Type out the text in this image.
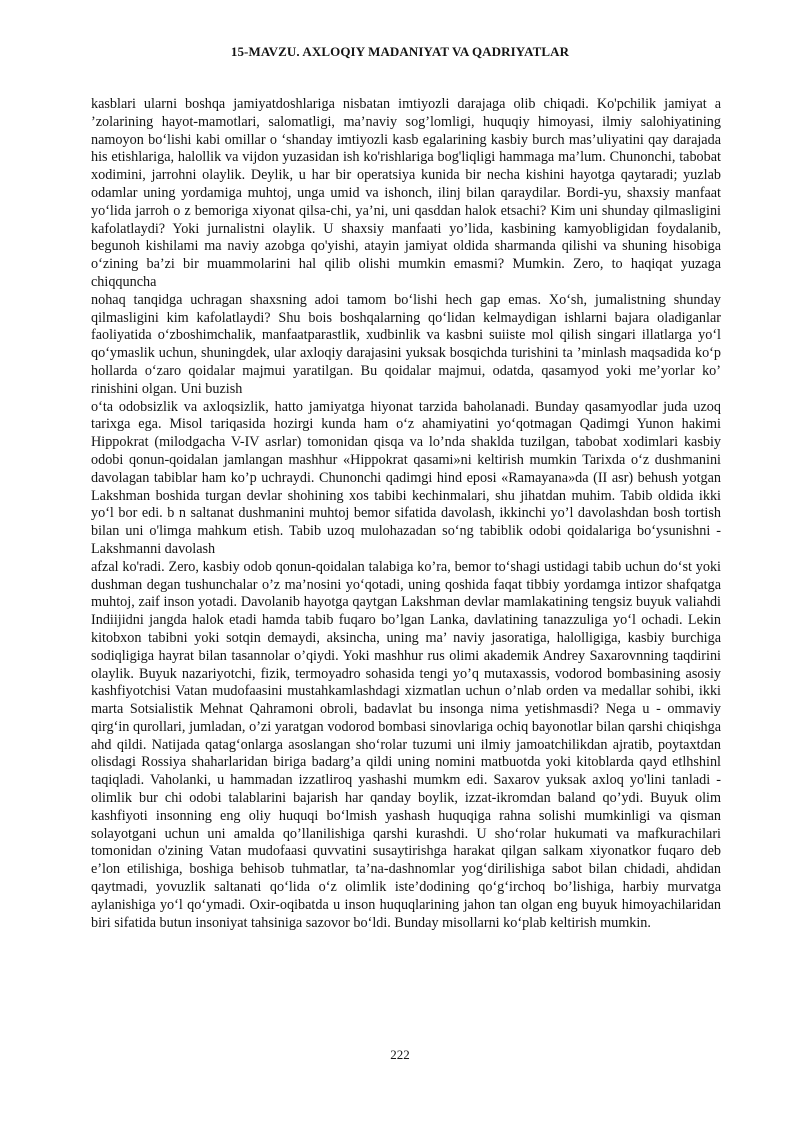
15-MAVZU. AXLOQIY MADANIYAT VA QADRIYATLAR

kasblari ularni boshqa jamiyatdoshlariga nisbatan imtiyozli darajaga olib chiqadi. Ko'pchilik jamiyat a ’zolarining hayot-mamotlari, salomatligi, ma’naviy sog’lomligi, huquqiy himoyasi, ilmiy salohiyatining namoyon bo‘lishi kabi omillar o ‘shanday imtiyozli kasb egalarining kasbiy burch mas’uliyatini qay darajada his etishlariga, halollik va vijdon yuzasidan ish ko'rishlariga bog'liqligi hammaga ma’lum. Chunonchi, tabobat xodimini, jarrohni olaylik. Deylik, u har bir operatsiya kunida bir necha kishini hayotga qaytaradi; yuzlab odamlar uning yordamiga muhtoj, unga umid va ishonch, ilinj bilan qaraydilar. Bordi-yu, shaxsiy manfaat yo‘lida jarroh o z bemoriga xiyonat qilsa-chi, ya’ni, uni qasddan halok etsachi? Kim uni shunday qilmasligini kafolatlaydi? Yoki jurnalistni olaylik. U shaxsiy manfaati yo’lida, kasbining kamyobligidan foydalanib, begunoh kishilami ma naviy azobga qo'yishi, atayin jamiyat oldida sharmanda qilishi va shuning hisobiga o‘zining ba’zi bir muammolarini hal qilib olishi mumkin emasmi? Mumkin. Zero, to haqiqat yuzaga chiqquncha

nohaq tanqidga uchragan shaxsning adoi tamom bo‘lishi hech gap emas. Xo‘sh, jumalistning shunday qilmasligini kim kafolatlaydi? Shu bois boshqalarning qo‘lidan kelmaydigan ishlarni bajara oladiganlar faoliyatida o‘zboshimchalik, manfaatparastlik, xudbinlik va kasbni suiiste mol qilish singari illatlarga yo‘l qo‘ymaslik uchun, shuningdek, ular axloqiy darajasini yuksak bosqichda turishini ta ’minlash maqsadida ko‘p hollarda o‘zaro qoidalar majmui yaratilgan. Bu qoidalar majmui, odatda, qasamyod yoki me’yorlar ko’ rinishini olgan. Uni buzish

o‘ta odobsizlik va axloqsizlik, hatto jamiyatga hiyonat tarzida baholanadi. Bunday qasamyodlar juda uzoq tarixga ega. Misol tariqasida hozirgi kunda ham o‘z ahamiyatini yo‘qotmagan Qadimgi Yunon hakimi Hippokrat (milodgacha V-IV asrlar) tomonidan qisqa va lo’nda shaklda tuzilgan, tabobat xodimlari kasbiy odobi qonun-qoidalan jamlangan mashhur «Hippokrat qasami»ni keltirish mumkin Tarixda o‘z dushmanini davolagan tabiblar ham ko’p uchraydi. Chunonchi qadimgi hind eposi «Ramayana»da (II asr) behush yotgan Lakshman boshida turgan devlar shohining xos tabibi kechinmalari, shu jihatdan muhim. Tabib oldida ikki yo‘l bor edi. b n saltanat dushmanini muhtoj bemor sifatida davolash, ikkinchi yo’l davolashdan bosh tortish bilan uni o'limga mahkum etish. Tabib uzoq mulohazadan so‘ng tabiblik odobi qoidalariga bo‘ysunishni - Lakshmanni davolash

afzal ko'radi. Zero, kasbiy odob qonun-qoidalan talabiga ko’ra, bemor to‘shagi ustidagi tabib uchun do‘st yoki dushman degan tushunchalar o’z ma’nosini yo‘qotadi, uning qoshida faqat tibbiy yordamga intizor shafqatga muhtoj, zaif inson yotadi. Davolanib hayotga qaytgan Lakshman devlar mamlakatining tengsiz buyuk valiahdi Indiijidni jangda halok etadi hamda tabib fuqaro bo’lgan Lanka, davlatining tanazzuliga yo‘l ochadi. Lekin kitobxon tabibni yoki sotqin demaydi, aksincha, uning ma’ naviy jasoratiga, halolligiga, kasbiy burchiga sodiqligiga hayrat bilan tasannolar o’qiydi. Yoki mashhur rus olimi akademik Andrey Saxarovnning taqdirini olaylik. Buyuk nazariyotchi, fizik, termoyadro sohasida tengi yo’q mutaxassis, vodorod bombasining asosiy kashfiyotchisi Vatan mudofaasini mustahkamlashdagi xizmatlan uchun o’nlab orden va medallar sohibi, ikki marta Sotsialistik Mehnat Qahramoni obroli, badavlat bu insonga nima yetishmasdi? Nega u - ommaviy qirg‘in qurollari, jumladan, o’zi yaratgan vodorod bombasi sinovlariga ochiq bayonotlar bilan qarshi chiqishga ahd qildi. Natijada qatag‘onlarga asoslangan sho‘rolar tuzumi uni ilmiy jamoatchilikdan ajratib, poytaxtdan olisdagi Rossiya shaharlaridan biriga badarg’a qildi uning nomini matbuotda yoki kitoblarda qayd etlhshinl taqiqladi. Vaholanki, u hammadan izzatliroq yashashi mumkm edi. Saxarov yuksak axloq yo'lini tanladi - olimlik bur chi odobi talablarini bajarish har qanday boylik, izzat-ikromdan baland qo’ydi. Buyuk olim kashfiyoti insonning eng oliy huquqi bo‘lmish yashash huquqiga rahna solishi mumkinligi va qisman solayotgani uchun uni amalda qo’llanilishiga qarshi kurashdi. U sho‘rolar hukumati va mafkurachilari tomonidan o'zining Vatan mudofaasi quvvatini susaytirishga harakat qilgan salkam xiyonatkor fuqaro deb e’lon etilishiga, boshiga behisob tuhmatlar, ta’na-dashnomlar yog‘dirilishiga sabot bilan chidadi, ahdidan qaytmadi, yovuzlik saltanati qo‘lida o‘z olimlik iste’dodining qo‘g‘irchoq bo’lishiga, harbiy murvatga aylanishiga yo‘l qo‘ymadi. Oxir-oqibatda u inson huquqlarining jahon tan olgan eng buyuk himoyachilaridan biri sifatida butun insoniyat tahsiniga sazovor bo‘ldi. Bunday misollarni ko‘plab keltirish mumkin.

222
